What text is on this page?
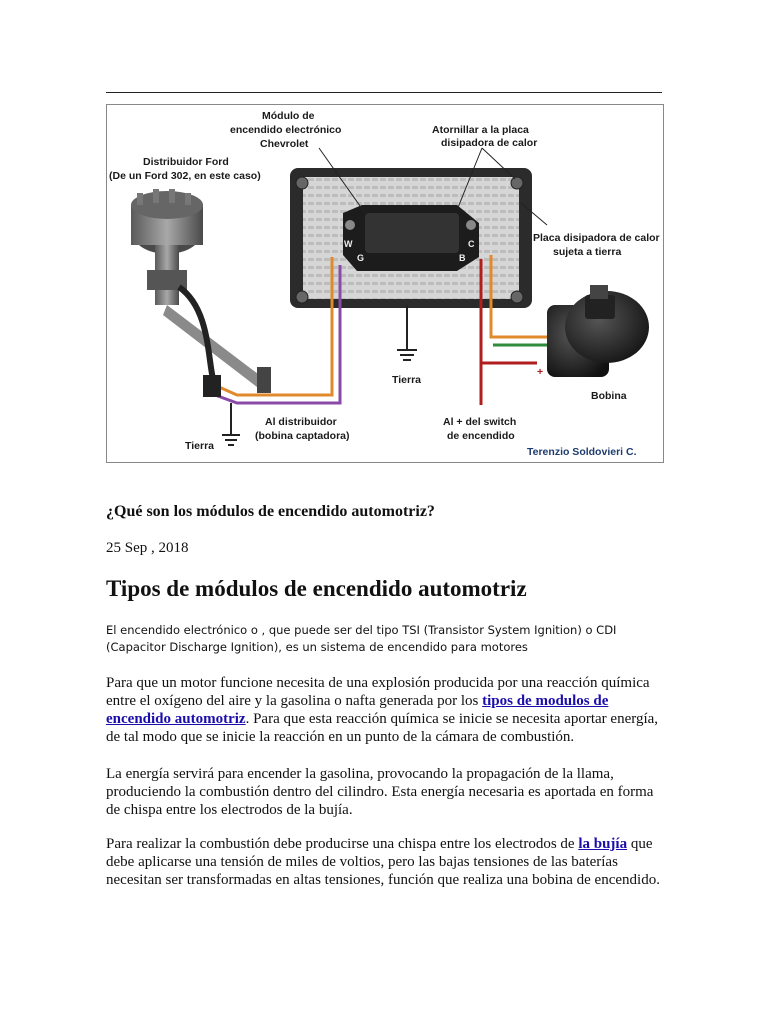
W
G
C
B
Módulo de
encendido electrónico
Chevrolet
Atornillar a la placa
disipadora de calor
Distribuidor Ford
(De un Ford 302, en este caso)
Placa disipadora de calor
sujeta a tierra
Tierra
Bobina
+
Al distribuidor
(bobina captadora)
Tierra
Al + del switch
de encendido
Terenzio Soldovieri C.

¿Qué son los módulos de encendido automotriz?

25 Sep , 2018

Tipos de módulos de encendido automotriz

El encendido electrónico o , que puede ser del tipo TSI (Transistor System Ignition) o CDI (Capacitor Discharge Ignition), es un sistema de encendido para motores

Para que un motor funcione necesita de una explosión producida por una reacción química entre el oxígeno del aire y la gasolina o nafta generada por los tipos de modulos de encendido automotriz. Para que esta reacción química se inicie se necesita aportar energía, de tal modo que se inicie la reacción en un punto de la cámara de combustión.

La energía servirá para encender la gasolina, provocando la propagación de la llama, produciendo la combustión dentro del cilindro. Esta energía necesaria es aportada en forma de chispa entre los electrodos de la bujía.

Para realizar la combustión debe producirse una chispa entre los electrodos de la bujía que debe aplicarse una tensión de miles de voltios, pero las bajas tensiones de las baterías necesitan ser transformadas en altas tensiones, función que realiza una bobina de encendido.
